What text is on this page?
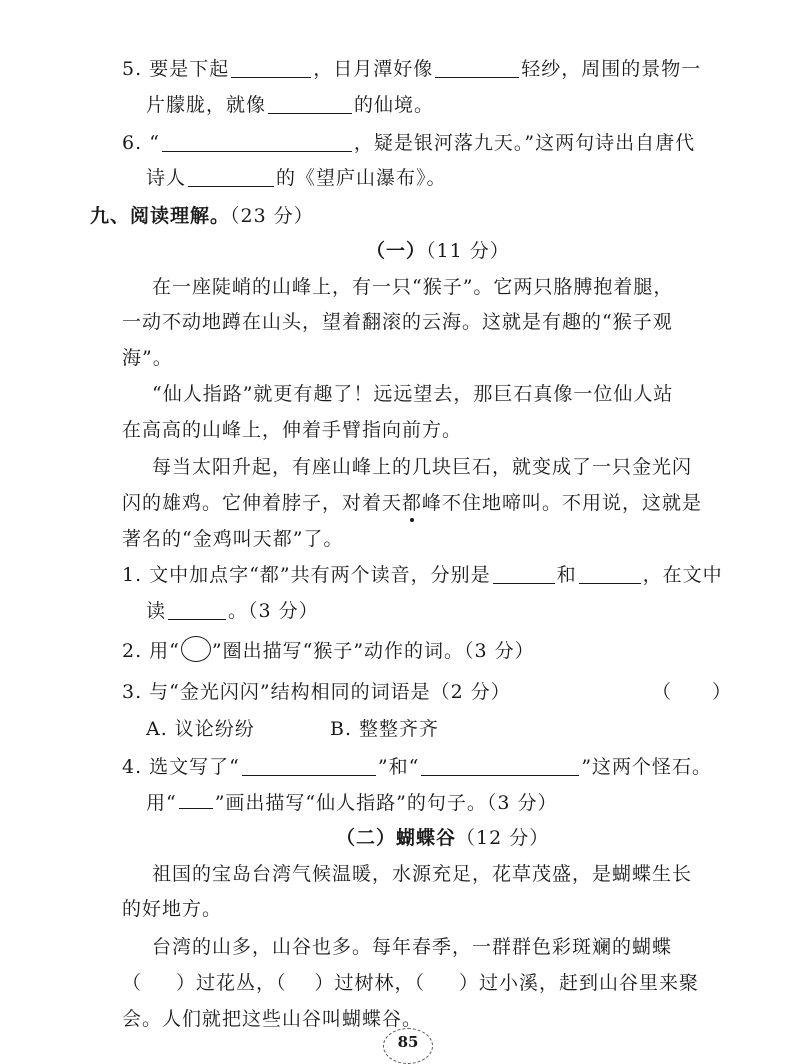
5. 要是下起	，日月潭好像	轻纱，周围的景物一
片朦胧，就像	的仙境。
6. “	，疑是银河落九天。”这两句诗出自唐代
诗人	的《望庐山瀑布》。
九、阅读理解。（23 分）
（一）（11 分）
在一座陡峭的山峰上，有一只“猴子”。它两只胳膊抱着腿，
一动不动地蹲在山头，望着翻滚的云海。这就是有趣的“猴子观
海”。
“仙人指路”就更有趣了！远远望去，那巨石真像一位仙人站
在高高的山峰上，伸着手臂指向前方。
每当太阳升起，有座山峰上的几块巨石，就变成了一只金光闪
闪的雄鸡。它伸着脖子，对着天都峰不住地啼叫。不用说，这就是
著名的“金鸡叫天都”了。
1. 文中加点字“都”共有两个读音，分别是	和	，在文中
读	。（3 分）
2. 用“ ”圈出描写“猴子”动作的词。（3 分）
3. 与“金光闪闪”结构相同的词语是（2 分）	（　　）
A. 议论纷纷	B. 整整齐齐
4. 选文写了“	”和“	”这两个怪石。
用“ ”画出描写“仙人指路”的句子。（3 分）
（二）蝴蝶谷（12 分）
祖国的宝岛台湾气候温暖，水源充足，花草茂盛，是蝴蝶生长
的好地方。
台湾的山多，山谷也多。每年春季，一群群色彩斑斓的蝴蝶
（ ）过花丛，（ ）过树林，（ ）过小溪，赶到山谷里来聚
会。人们就把这些山谷叫蝴蝶谷。
85
